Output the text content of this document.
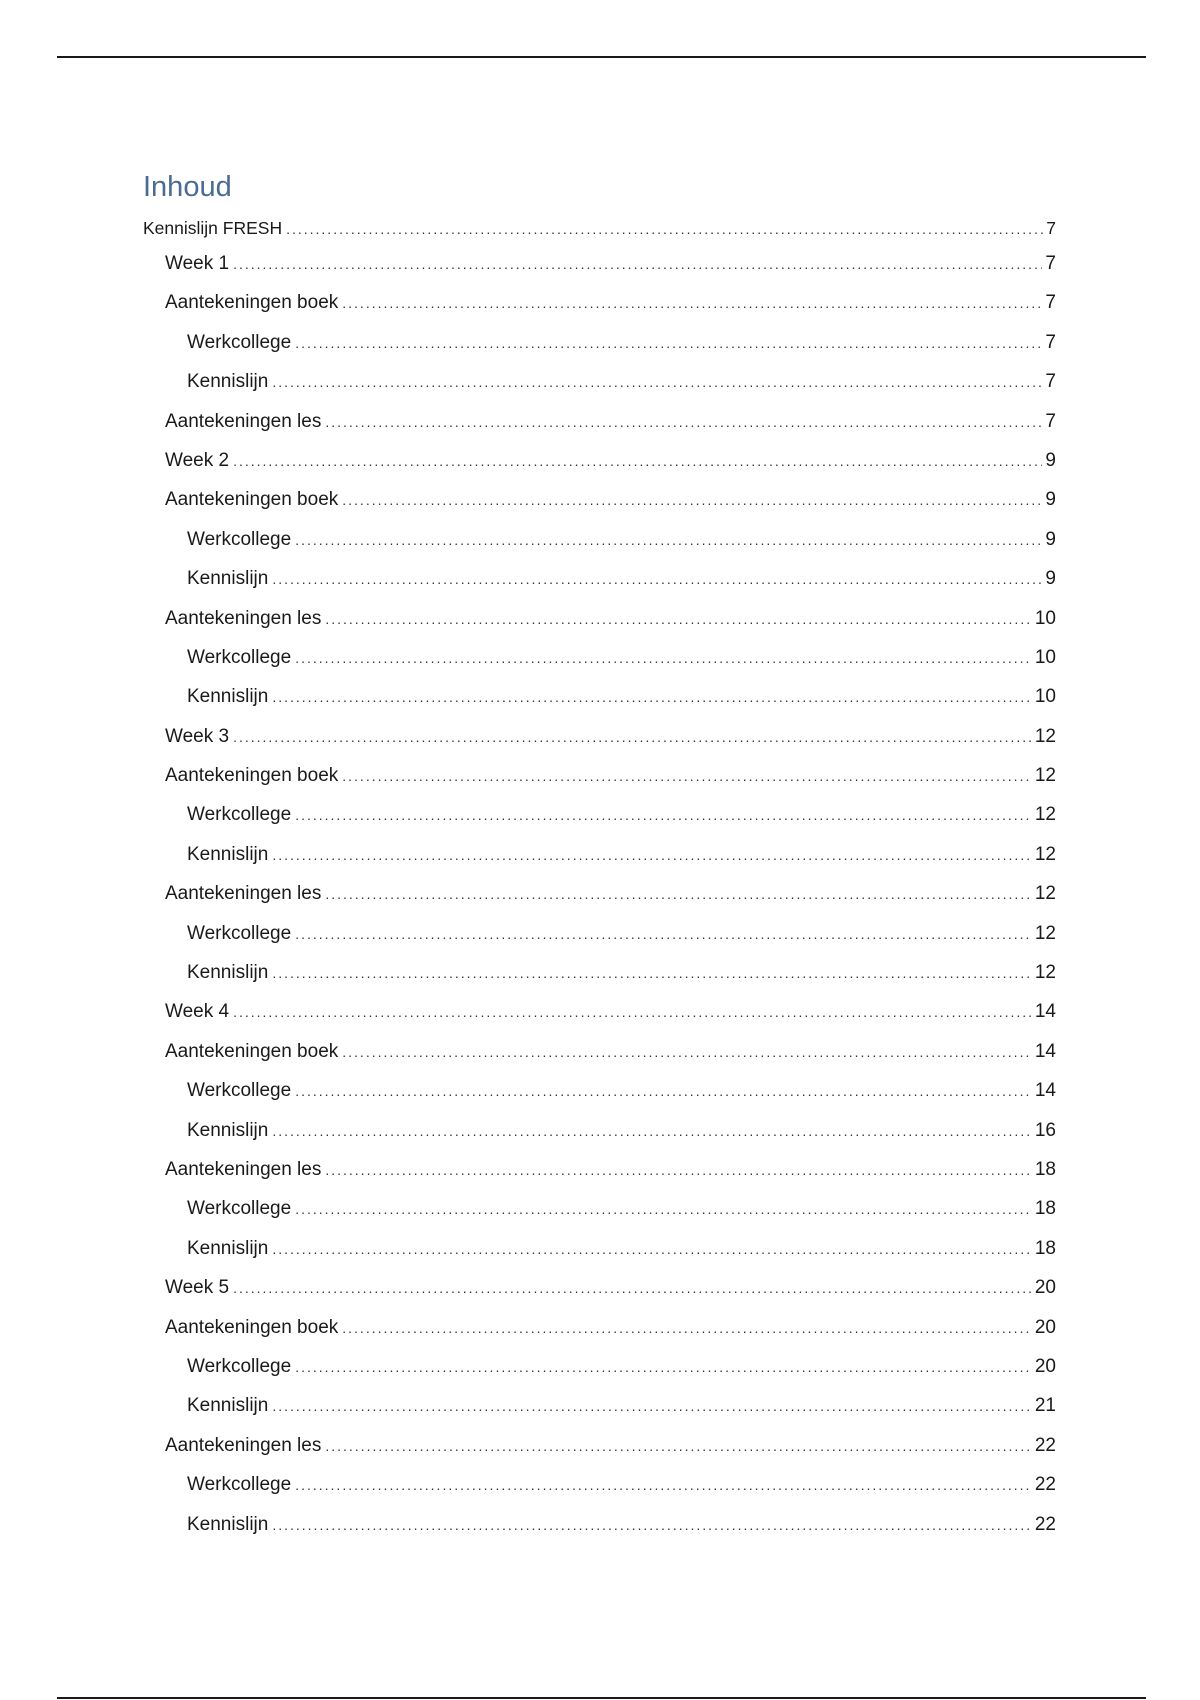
Inhoud
Kennislijn FRESH .....	7
Week 1 .....	7
Aantekeningen boek .....	7
Werkcollege .....	7
Kennislijn .....	7
Aantekeningen les .....	7
Week 2 .....	9
Aantekeningen boek .....	9
Werkcollege .....	9
Kennislijn .....	9
Aantekeningen les .....	10
Werkcollege .....	10
Kennislijn .....	10
Week 3 .....	12
Aantekeningen boek .....	12
Werkcollege .....	12
Kennislijn .....	12
Aantekeningen les .....	12
Werkcollege .....	12
Kennislijn .....	12
Week 4 .....	14
Aantekeningen boek .....	14
Werkcollege .....	14
Kennislijn .....	16
Aantekeningen les .....	18
Werkcollege .....	18
Kennislijn .....	18
Week 5 .....	20
Aantekeningen boek .....	20
Werkcollege .....	20
Kennislijn .....	21
Aantekeningen les .....	22
Werkcollege .....	22
Kennislijn .....	22
